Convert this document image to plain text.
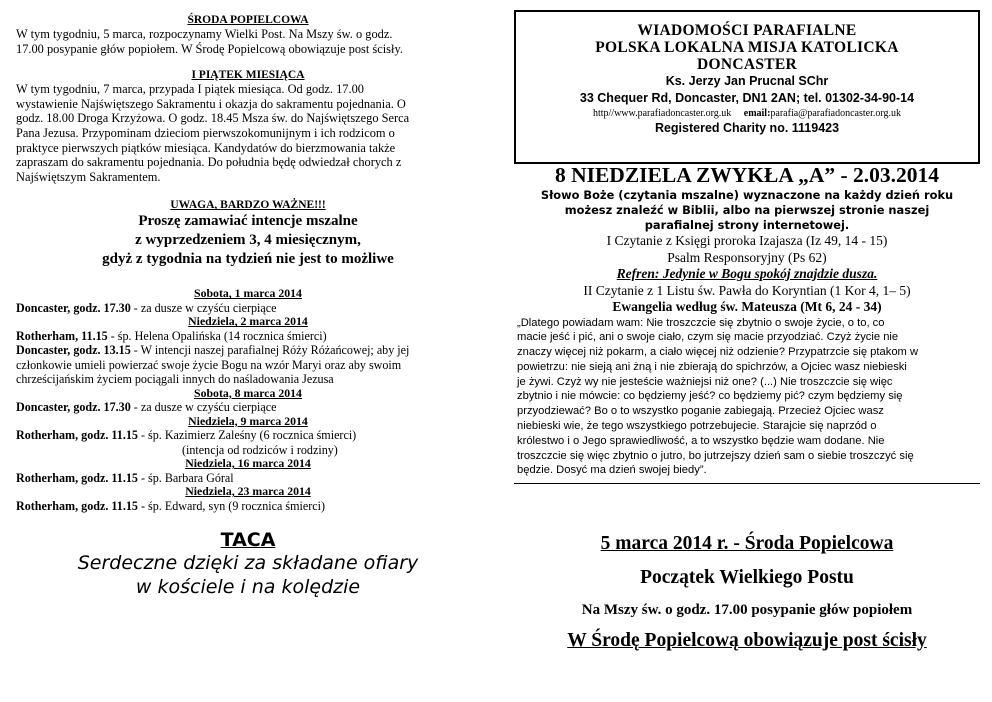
ŚRODA POPIELCOWA
W tym tygodniu, 5 marca, rozpoczynamy Wielki Post. Na Mszy św. o godz.
17.00 posypanie głów popiołem. W Środę Popielcową obowiązuje post ścisły.
I PIĄTEK MIESIĄCA
W tym tygodniu, 7 marca, przypada I piątek miesiąca. Od godz. 17.00
wystawienie Najświętszego Sakramentu i okazja do sakramentu pojednania. O
godz. 18.00 Droga Krzyżowa. O godz. 18.45 Msza św. do Najświętszego Serca
Pana Jezusa. Przypominam dzieciom pierwszokomunijnym i ich rodzicom o
praktyce pierwszych piątków miesiąca. Kandydatów do bierzmowania także
zapraszam do sakramentu pojednania. Do południa będę odwiedzał chorych z
Najświętszym Sakramentem.
UWAGA, BARDZO WAŻNE!!!
Proszę zamawiać intencje mszalne
z wyprzedzeniem 3, 4 miesięcznym,
gdyż z tygodnia na tydzień nie jest to możliwe
Sobota, 1 marca 2014
Doncaster, godz. 17.30 - za dusze w czyśću cierpiące
Niedziela, 2 marca 2014
Rotherham, 11.15 - śp. Helena Opalińska (14 rocznica śmierci)
Doncaster, godz. 13.15 - W intencji naszej parafialnej Róży Różańcowej; aby jej
członkowie umieli powierzać swoje życie Bogu na wzór Maryi oraz aby swoim
chrześcijańskim życiem pociągali innych do naśladowania Jezusa
Sobota, 8 marca 2014
Doncaster, godz. 17.30 - za dusze w czyśću cierpiące
Niedziela, 9 marca 2014
Rotherham, godz. 11.15 - śp. Kazimierz Zaleśny (6 rocznica śmierci)
(intencja od rodziców i rodziny)
Niedziela, 16 marca 2014
Rotherham, godz. 11.15 - śp. Barbara Góral
Niedziela, 23 marca 2014
Rotherham, godz. 11.15 - śp. Edward, syn (9 rocznica śmierci)
TACA
Serdeczne dzięki za składane ofiary
w kościele i na kolędzie
WIADOMOŚCI PARAFIALNE
POLSKA LOKALNA MISJA KATOLICKA
DONCASTER
Ks. Jerzy Jan Prucnal SChr
33 Chequer Rd, Doncaster, DN1 2AN; tel. 01302-34-90-14
http//www.parafiadoncaster.org.uk email:parafia@parafiadoncaster.org.uk
Registered Charity no. 1119423
8 NIEDZIELA ZWYKŁA „A” - 2.03.2014
Słowo Boże (czytania mszalne) wyznaczone na każdy dzień roku
możesz znaleźć w Biblii, albo na pierwszej stronie naszej
parafialnej strony internetowej.
I Czytanie z Księgi proroka Izajasza (Iz 49, 14 - 15)
Psalm Responsoryjny (Ps 62)
Refren: Jedynie w Bogu spokój znajdzie dusza.
II Czytanie z 1 Listu św. Pawła do Koryntian (1 Kor 4, 1– 5)
Ewangelia według św. Mateusza (Mt 6, 24 - 34)
„Dlatego powiadam wam: Nie troszczcie się zbytnio o swoje życie, o to, co
macie jeść i pić, ani o swoje ciało, czym się macie przyodziać. Czyż życie nie
znaczy więcej niż pokarm, a ciało więcej niż odzienie? Przypatrzcie się ptakom w
powietrzu: nie sieją ani żną i nie zbierają do spichrzów, a Ojciec wasz niebieski
je żywi. Czyż wy nie jesteście ważniejsi niż one? (...) Nie troszczcie się więc
zbytnio i nie mówcie: co będziemy jeść? co będziemy pić? czym będziemy się
przyodziewać? Bo o to wszystko poganie zabiegają. Przecież Ojciec wasz
niebieski wie, że tego wszystkiego potrzebujecie. Starajcie się naprzód o
królestwo i o Jego sprawiedliwość, a to wszystko będzie wam dodane. Nie
troszczcie się więc zbytnio o jutro, bo jutrzejszy dzień sam o siebie troszczyć się
będzie. Dosyć ma dzień swojej biedy”.
5 marca 2014 r. - Środa Popielcowa
Początek Wielkiego Postu
Na Mszy św. o godz. 17.00 posypanie głów popiołem
W Środę Popielcową obowiązuje post ścisły
